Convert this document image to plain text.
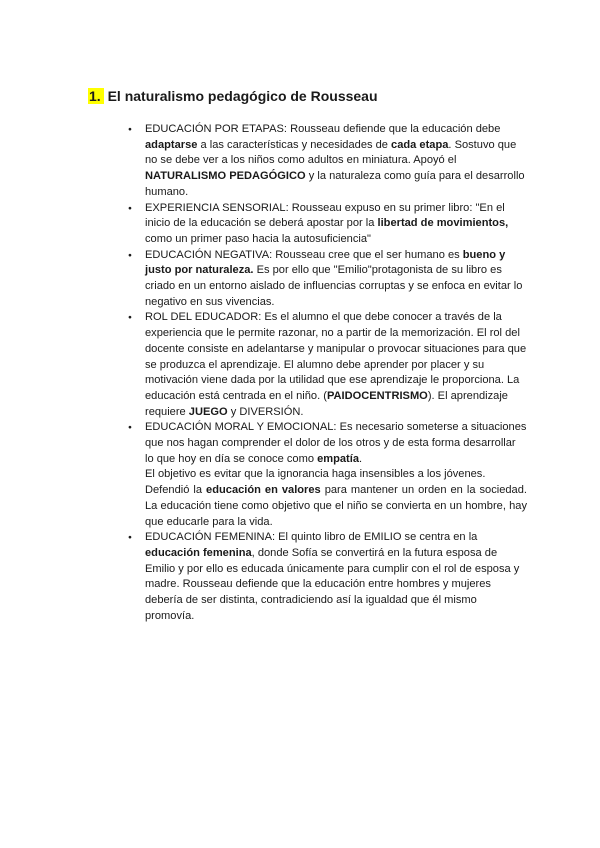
1. El naturalismo pedagógico de Rousseau

● EDUCACIÓN POR ETAPAS: Rousseau defiende que la educación debe adaptarse a las características y necesidades de cada etapa. Sostuvo que no se debe ver a los niños como adultos en miniatura. Apoyó el NATURALISMO PEDAGÓGICO y la naturaleza como guía para el desarrollo humano.

● EXPERIENCIA SENSORIAL: Rousseau expuso en su primer libro: "En el inicio de la educación se deberá apostar por la libertad de movimientos, como un primer paso hacia la autosuficiencia"

● EDUCACIÓN NEGATIVA: Rousseau cree que el ser humano es bueno y justo por naturaleza. Es por ello que "Emilio"protagonista de su libro es criado en un entorno aislado de influencias corruptas y se enfoca en evitar lo negativo en sus vivencias.

● ROL DEL EDUCADOR: Es el alumno el que debe conocer a través de la experiencia que le permite razonar, no a partir de la memorización. El rol del docente consiste en adelantarse y manipular o provocar situaciones para que se produzca el aprendizaje. El alumno debe aprender por placer y su motivación viene dada por la utilidad que ese aprendizaje le proporciona. La educación está centrada en el niño. (PAIDOCENTRISMO). El aprendizaje requiere JUEGO y DIVERSIÓN.

● EDUCACIÓN MORAL Y EMOCIONAL: Es necesario someterse a situaciones que nos hagan comprender el dolor de los otros y de esta forma desarrollar lo que hoy en día se conoce como empatía.

El objetivo es evitar que la ignorancia haga insensibles a los jóvenes.

Defendió la educación en valores para mantener un orden en la sociedad. La educación tiene como objetivo que el niño se convierta en un hombre, hay que educarle para la vida.

● EDUCACIÓN FEMENINA: El quinto libro de EMILIO se centra en la educación femenina, donde Sofía se convertirá en la futura esposa de Emilio y por ello es educada únicamente para cumplir con el rol de esposa y madre. Rousseau defiende que la educación entre hombres y mujeres debería de ser distinta, contradiciendo así la igualdad que él mismo promovía.
